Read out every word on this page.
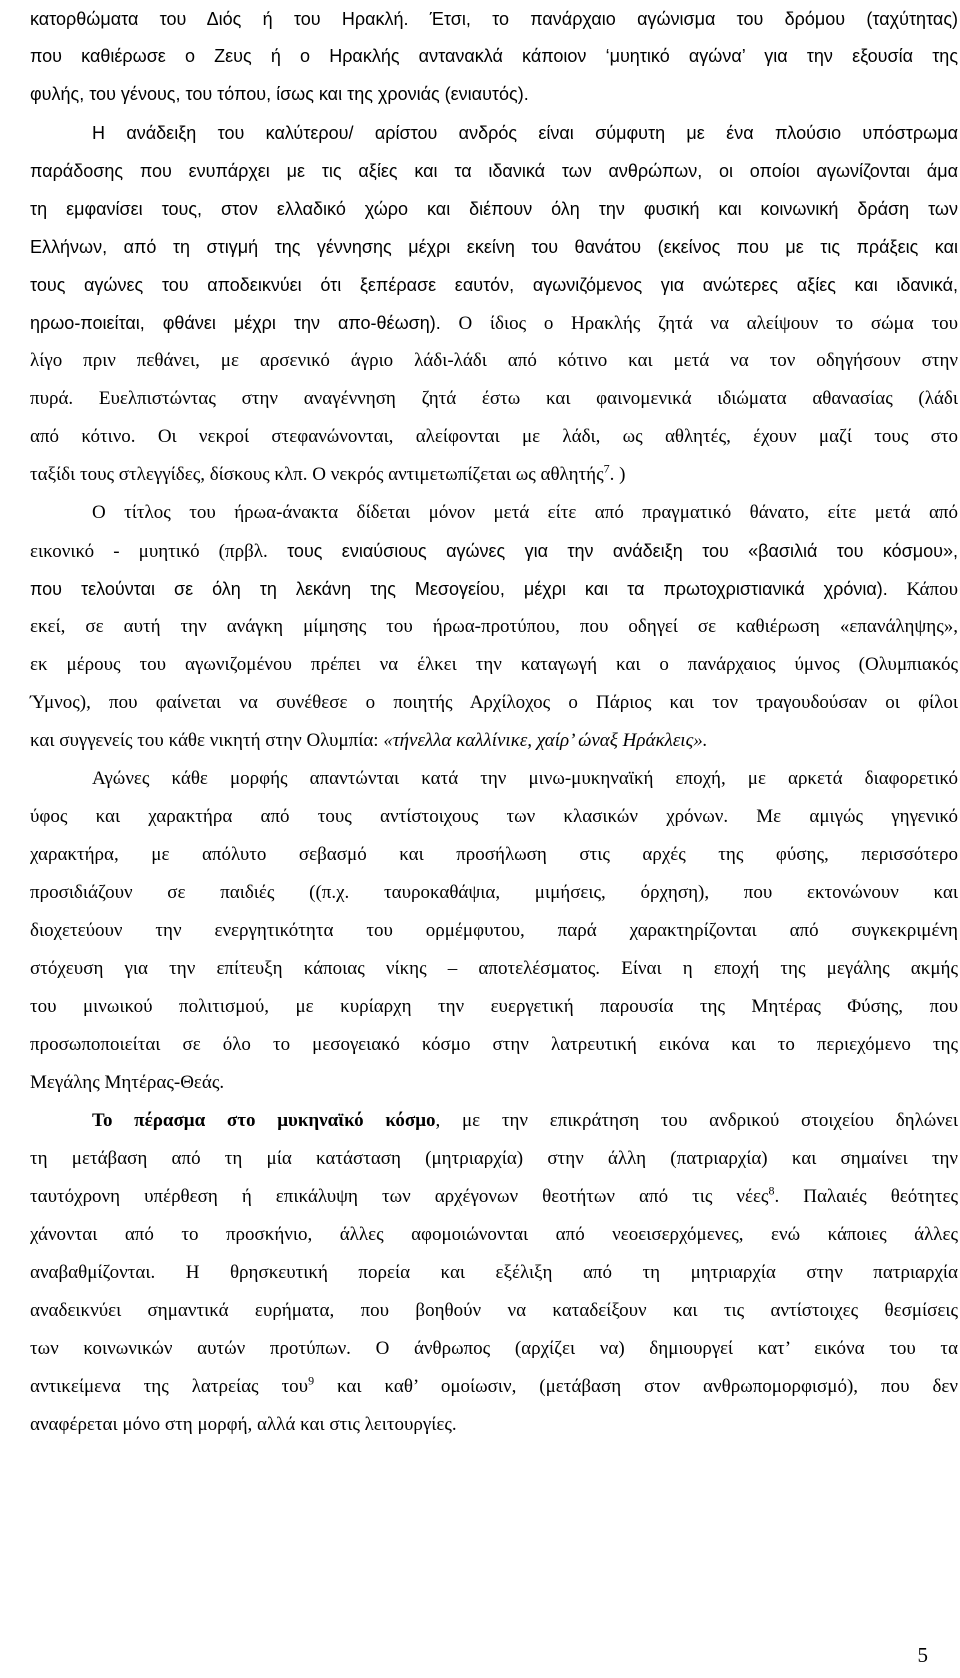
κατορθώματα του Διός ή του Ηρακλή. Έτσι, το πανάρχαιο αγώνισμα του δρόμου (ταχύτητας)
που καθιέρωσε ο Ζευς ή ο Ηρακλής αντανακλά κάποιον ‘μυητικό αγώνα’ για την εξουσία της
φυλής, του γένους, του τόπου, ίσως και της χρονιάς (ενιαυτός).
Η ανάδειξη του καλύτερου/ αρίστου ανδρός είναι σύμφυτη με ένα πλούσιο υπόστρωμα
παράδοσης που ενυπάρχει με τις αξίες και τα ιδανικά των ανθρώπων, οι οποίοι αγωνίζονται άμα
τη εμφανίσει τους, στον ελλαδικό χώρο και διέπουν όλη την φυσική και κοινωνική δράση των
Ελλήνων, από τη στιγμή της γέννησης μέχρι εκείνη του θανάτου (εκείνος που με τις πράξεις και
τους αγώνες του αποδεικνύει ότι ξεπέρασε εαυτόν, αγωνιζόμενος για ανώτερες αξίες και ιδανικά,
ηρωο-ποιείται, φθάνει μέχρι την απο-θέωση). Ο ίδιος ο Ηρακλής ζητά να αλείψουν το σώμα του
λίγο πριν πεθάνει, με αρσενικό άγριο λάδι-λάδι από κότινο και μετά να τον οδηγήσουν στην
πυρά. Ευελπιστώντας στην αναγέννηση ζητά έστω και φαινομενικά ιδιώματα αθανασίας (λάδι
από κότινο. Οι νεκροί στεφανώνονται, αλείφονται με λάδι, ως αθλητές, έχουν μαζί τους στο
ταξίδι τους στλεγγίδες, δίσκους κλπ. Ο νεκρός αντιμετωπίζεται ως αθλητής$^7$. )
Ο τίτλος του ήρωα-άνακτα δίδεται μόνον μετά είτε από πραγματικό θάνατο, είτε μετά από
εικονικό - μυητικό (πρβλ. τους ενιαύσιους αγώνες για την ανάδειξη του «βασιλιά του κόσμου»,
που τελούνται σε όλη τη λεκάνη της Μεσογείου, μέχρι και τα πρωτοχριστιανικά χρόνια). Κάπου
εκεί, σε αυτή την ανάγκη μίμησης του ήρωα-προτύπου, που οδηγεί σε καθιέρωση «επανάληψης»,
εκ μέρους του αγωνιζομένου πρέπει να έλκει την καταγωγή και ο πανάρχαιος ύμνος (Ολυμπιακός
Ύμνος), που φαίνεται να συνέθεσε ο ποιητής Αρχίλοχος ο Πάριος και τον τραγουδούσαν οι φίλοι
και συγγενείς του κάθε νικητή στην Ολυμπία: «τήνελλα καλλίνικε, χαίρ’ ώναξ Ηράκλεις».
Αγώνες κάθε μορφής απαντώνται κατά την μινω-μυκηναϊκή εποχή, με αρκετά διαφορετικό
ύφος και χαρακτήρα από τους αντίστοιχους των κλασικών χρόνων. Με αμιγώς γηγενικό
χαρακτήρα, με απόλυτο σεβασμό και προσήλωση στις αρχές της φύσης, περισσότερο
προσιδιάζουν σε παιδιές ((π.χ. ταυροκαθάψια, μιμήσεις, όρχηση), που εκτονώνουν και
διοχετεύουν την ενεργητικότητα του ορμέμφυτου, παρά χαρακτηρίζονται από συγκεκριμένη
στόχευση για την επίτευξη κάποιας νίκης – αποτελέσματος. Είναι η εποχή της μεγάλης ακμής
του μινωικού πολιτισμού, με κυρίαρχη την ευεργετική παρουσία της Μητέρας Φύσης, που
προσωποποιείται σε όλο το μεσογειακό κόσμο στην λατρευτική εικόνα και το περιεχόμενο της
Μεγάλης Μητέρας-Θεάς.
Το πέρασμα στο μυκηναϊκό κόσμο, με την επικράτηση του ανδρικού στοιχείου δηλώνει
τη μετάβαση από τη μία κατάσταση (μητριαρχία) στην άλλη (πατριαρχία) και σημαίνει την
ταυτόχρονη υπέρθεση ή επικάλυψη των αρχέγονων θεοτήτων από τις νέες$^8$. Παλαιές θεότητες
χάνονται από το προσκήνιο, άλλες αφομοιώνονται από νεοεισερχόμενες, ενώ κάποιες άλλες
αναβαθμίζονται. Η θρησκευτική πορεία και εξέλιξη από τη μητριαρχία στην πατριαρχία
αναδεικνύει σημαντικά ευρήματα, που βοηθούν να καταδείξουν και τις αντίστοιχες θεσμίσεις
των κοινωνικών αυτών προτύπων. Ο άνθρωπος (αρχίζει να) δημιουργεί κατ’ εικόνα του τα
αντικείμενα της λατρείας του$^9$ και καθ’ ομοίωσιν, (μετάβαση στον ανθρωπομορφισμό), που δεν
αναφέρεται μόνο στη μορφή, αλλά και στις λειτουργίες.
5
